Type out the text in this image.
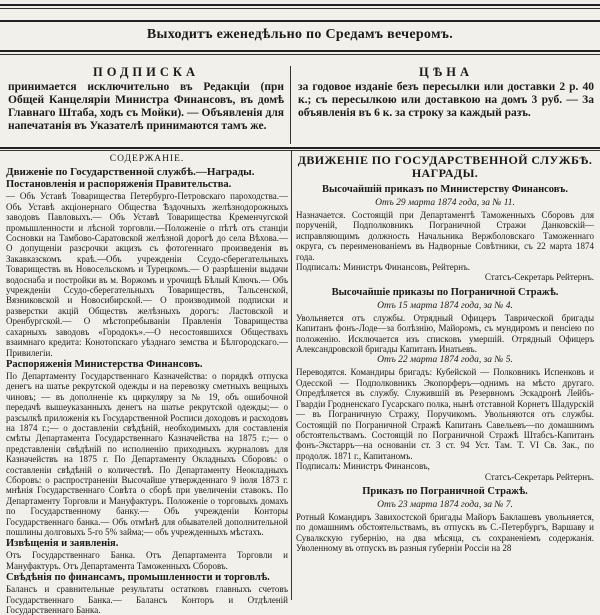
Выходитъ еженедѣльно по Средамъ вечеромъ.
ПОДПИСКА
принимается исключительно въ Редакціи (при Общей Канцеляріи Министра Финансовъ, въ домѣ Главнаго Штаба, ходъ съ Мойки). — Объявленія для напечатанія въ Указателѣ принимаются тамъ же.
ЦѢНА
за годовое изданіе безъ пересылки или доставки 2 р. 40 к.; съ пересылкою или доставкою на домъ 3 руб. — За объявленія въ 6 к. за строку за каждый разъ.
СОДЕРЖАНІЕ.
Движеніе по Государственной службѣ.—Награды.
Постановленія и распоряженія Правительства.

— Объ Уставѣ Товарищества Петербурго-Петровскаго пароходства.— Объ Уставѣ акціонернаго Общества Ѣздочныхъ желѣзнодорожныхъ заводовъ Павловыхъ.— Объ Уставѣ Товарищества Кременчугской промышленности и лѣсной торговли.—Положеніе о пѣтѣ отъ станціи Сосновки на Тамбово-Саратовской желѣзной дорогѣ до села Вѣхова.— О допущеніи разсрочки акцизъ съ фотогеннаго произведенія въ Закавказскомъ краѣ.—Объ учрежденіи Ссудо-сберегательныхъ Товариществъ въ Новосельскомъ и Турецкомъ.— О разрѣшеніи выдачи водоснаба и постройки въ м. Воржомъ и урочищѣ Бѣлый Ключъ.— Объ учрежденіи Ссудо-сберегательныхъ Товариществъ, Тальсенской, Вязниковской и Новосибирской.— О производимой подписки и разверстки акцій Обществъ желѣзныхъ дорогъ: Ластовской и Оренбургской.— О мѣстопребываніи Правленія Товарищества сахарныхъ заводовъ «Городокъ».—О несостоявшихся Обществахъ взаимнаго кредита: Конотопскаго уѣзднаго земства и Бѣлгородскаго.— Привилегіи.

Распоряженія Министерства Финансовъ.

По Департаменту Государственнаго Казначейства: о порядкѣ отпуска денегъ на шатье рекрутской одежды и на перевозку сметныхъ вещныхъ чиновъ; — въ дополненіе къ циркуляру за № 19, объ ошибочной передачѣ вышеуказанныхъ денегъ на шатье рекрутской одежды;— о разсылкѣ приложенія къ Государственной Росписи доходовъ и расходовъ на 1874 г.;— о доставленіи свѣдѣній, необходимыхъ для составленія смѣты Департамента Государственнаго Казначейства на 1875 г.;— о представленіи свѣдѣній по исполненію приходныхъ журналовъ для Казначействъ на 1875 г. По Департаменту Окладныхъ Сборовъ: о составленіи свѣдѣній о количествѣ. По Департаменту Неокладныхъ Сборовъ: о распространеніи Высочайше утвержденнаго 9 іюля 1873 г. мнѣнія Государственнаго Совѣта о сборѣ при увеличеніи ставокъ. По Департаменту Торговли и Мануфактуръ. Положеніе о торговыхъ домахъ по Государственному банку.— Объ учрежденіи Конторы Государственнаго банка.— Объ отмѣнѣ для обывателей дополнительной пошлины долговыхъ 5-го 5% займа;— объ учрежденныхъ мѣстахъ.

Извѣщенія и заявленія.

Отъ Государственнаго Банка. Отъ Департамента Торговли и Мануфактуръ. Отъ Департамента Таможенныхъ Сборовъ.

Свѣдѣнія по финансамъ, промышленности и торговлѣ.

Балансъ и сравнительные результаты остатковъ главныхъ счетовъ Государственнаго Банка.— Балансъ Конторъ и Отдѣленій Государственнаго Банка.

ДВИЖЕНІЕ ПО ГОСУДАРСТВЕННОЙ СЛУЖБѢ. НАГРАДЫ.
Высочайшій приказъ по Министерству Финансовъ.
Отъ 29 марта 1874 года, за № 11.

Назначается. Состоящій при Департаментѣ Таможенныхъ Сборовъ для порученій, Подполковникъ Пограничной Стражи Данковскій—исправляющимъ должность Начальника Вержболовскаго Таможеннаго округа, съ переименованіемъ въ Надворные Совѣтники, съ 22 марта 1874 года.

Подписалъ: Министръ Финансовъ, Рейтернъ.

Статсъ-Секретарь Рейтернъ.

Высочайшіе приказы по Пограничной Стражѣ.
Отъ 15 марта 1874 года, за № 4.

Увольняется отъ службы. Отрядный Офицеръ Таврической бригады Капитанъ фонъ-Лоде—за болѣзнію, Майоромъ, съ мундиромъ и пенсіею по положенію. Исключается изъ списковъ умершій. Отрядный Офицеръ Александровской бригады Капитанъ Инатьевъ.

Отъ 22 марта 1874 года, за № 5.

Переводятся. Командиры бригадъ: Кубейской — Полковникъ Испенковъ и Одесской — Подполковникъ Экопорферъ—однимъ на мѣсто другаго. Опредѣляется въ службу. Служившій въ Резервномъ Эскадронѣ Лейбъ-Гвардіи Гродненскаго Гусарскаго полка, нынѣ отставной Корнетъ Шадурскій — въ Пограничную Стражу, Поручикомъ. Увольняются отъ службы. Состоящій по Пограничной Стражѣ Капитанъ Савельевъ—по домашнимъ обстоятельствамъ. Состоящій по Пограничной Стражѣ Штабсъ-Капитанъ фонъ-Экстарръ—на основаніи ст. 3 ст. 94 Уст. Там. Т. VI Св. Зак., по продолж. 1871 г., Капитаномъ.

Подписалъ: Министръ Финансовъ,

Статсъ-Секретарь Рейтернъ.

Приказъ по Пограничной Стражѣ.
Отъ 23 марта 1874 года, за № 7.

Ротный Командиръ Завихостской бригады Майоръ Баклашевъ увольняется, по домашнимъ обстоятельствамъ, въ отпускъ въ С.-Петербургъ, Варшаву и Сувалкскую губернію, на два мѣсяца, съ сохраненіемъ содержанія. Уволенному въ отпускъ въ разныя губерніи Россіи на 28
